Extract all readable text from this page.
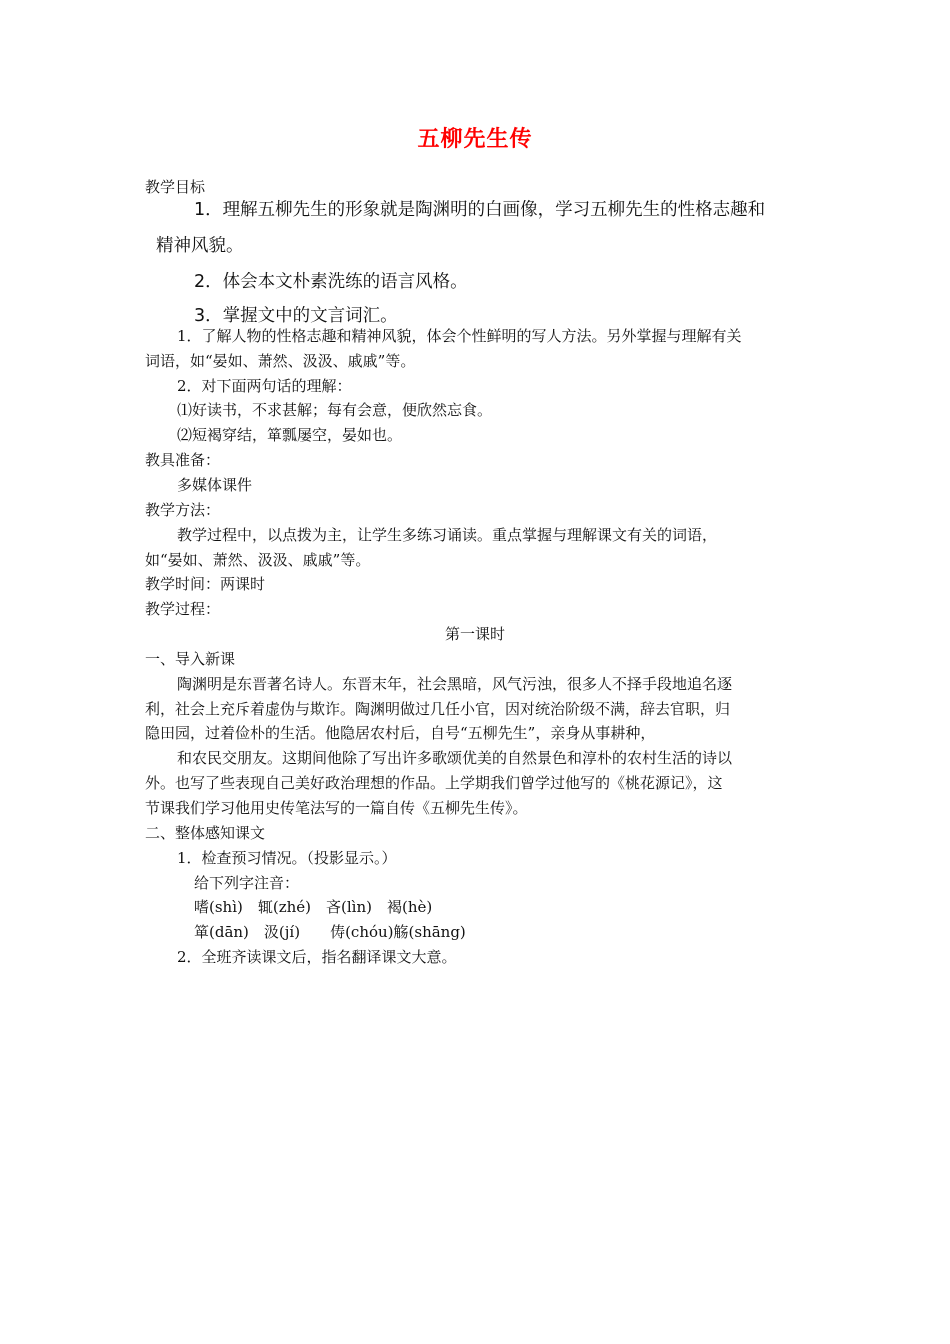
五柳先生传
教学目标
1．理解五柳先生的形象就是陶渊明的白画像，学习五柳先生的性格志趣和
精神风貌。
2．体会本文朴素洗练的语言风格。
3．掌握文中的文言词汇。
1．了解人物的性格志趣和精神风貌，体会个性鲜明的写人方法。另外掌握与理解有关
词语，如“晏如、萧然、汲汲、戚戚”等。
2．对下面两句话的理解：
⑴好读书，不求甚解；每有会意，便欣然忘食。
⑵短褐穿结，箪瓢屡空，晏如也。
教具准备：
多媒体课件
教学方法：
教学过程中，以点拨为主，让学生多练习诵读。重点掌握与理解课文有关的词语，
如“晏如、萧然、汲汲、戚戚”等。
教学时间：两课时
教学过程：
第一课时
一、导入新课
陶渊明是东晋著名诗人。东晋末年，社会黑暗，风气污浊，很多人不择手段地追名逐
利，社会上充斥着虚伪与欺诈。陶渊明做过几任小官，因对统治阶级不满，辞去官职，归
隐田园，过着俭朴的生活。他隐居农村后，自号“五柳先生”，亲身从事耕种，
和农民交朋友。这期间他除了写出许多歌颂优美的自然景色和淳朴的农村生活的诗以
外。也写了些表现自己美好政治理想的作品。上学期我们曾学过他写的《桃花源记》，这
节课我们学习他用史传笔法写的一篇自传《五柳先生传》。
二、整体感知课文
1．检查预习情况。（投影显示。）
给下列字注音：
嗜(shì)　辄(zhé)　吝(lìn)　褐(hè)
箪(dān)　汲(jí)　　俦(chóu)觞(shāng)
2．全班齐读课文后，指名翻译课文大意。
